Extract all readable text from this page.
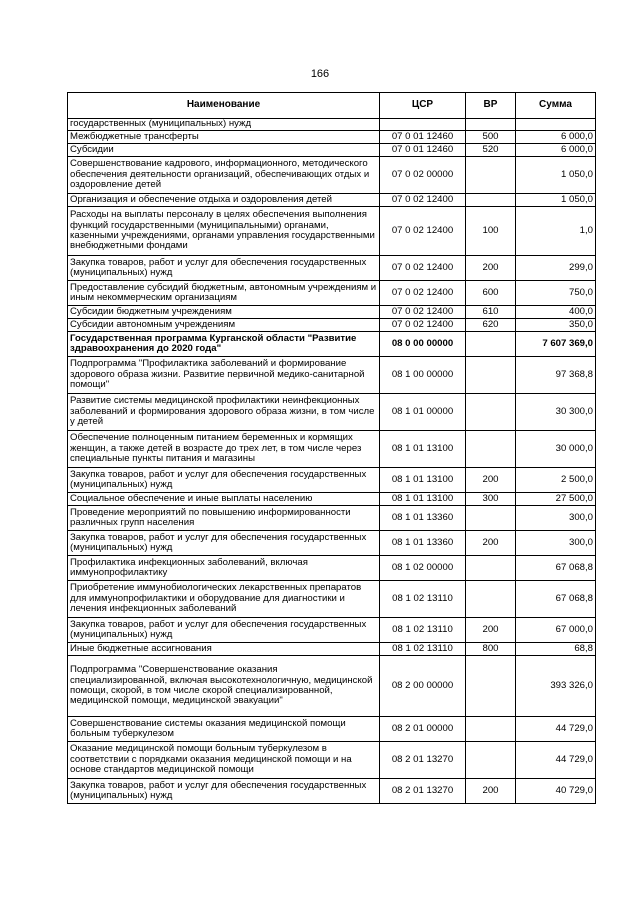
166
Наименование	ЦСР	ВР	Сумма
государственных (муниципальных) нужд			
Межбюджетные трансферты	07 0 01 12460	500	6 000,0
Субсидии	07 0 01 12460	520	6 000,0
Совершенствование кадрового, информационного, методического обеспечения деятельности организаций, обеспечивающих отдых и оздоровление детей	07 0 02 00000		1 050,0
Организация и обеспечение отдыха и оздоровления детей	07 0 02 12400		1 050,0
Расходы на выплаты персоналу в целях обеспечения выполнения функций государственными (муниципальными) органами, казенными учреждениями, органами управления государственными внебюджетными фондами	07 0 02 12400	100	1,0
Закупка товаров, работ и услуг для обеспечения государственных (муниципальных) нужд	07 0 02 12400	200	299,0
Предоставление субсидий бюджетным, автономным учреждениям и иным некоммерческим организациям	07 0 02 12400	600	750,0
Субсидии бюджетным учреждениям	07 0 02 12400	610	400,0
Субсидии автономным учреждениям	07 0 02 12400	620	350,0
Государственная программа Курганской области "Развитие здравоохранения до 2020 года"	08 0 00 00000		7 607 369,0
Подпрограмма "Профилактика заболеваний и формирование здорового образа жизни. Развитие первичной медико-санитарной помощи"	08 1 00 00000		97 368,8
Развитие системы медицинской профилактики неинфекционных заболеваний и формирования здорового образа жизни, в том числе у детей	08 1 01 00000		30 300,0
Обеспечение полноценным питанием беременных и кормящих женщин, а также детей в возрасте до трех лет, в том числе через специальные пункты питания и магазины	08 1 01 13100		30 000,0
Закупка товаров, работ и услуг для обеспечения государственных (муниципальных) нужд	08 1 01 13100	200	2 500,0
Социальное обеспечение и иные выплаты населению	08 1 01 13100	300	27 500,0
Проведение мероприятий по повышению информированности различных групп населения	08 1 01 13360		300,0
Закупка товаров, работ и услуг для обеспечения государственных (муниципальных) нужд	08 1 01 13360	200	300,0
Профилактика инфекционных заболеваний, включая иммунопрофилактику	08 1 02 00000		67 068,8
Приобретение иммунобиологических лекарственных препаратов для иммунопрофилактики и оборудование для диагностики и лечения инфекционных заболеваний	08 1 02 13110		67 068,8
Закупка товаров, работ и услуг для обеспечения государственных (муниципальных) нужд	08 1 02 13110	200	67 000,0
Иные бюджетные ассигнования	08 1 02 13110	800	68,8
Подпрограмма "Совершенствование оказания специализированной, включая высокотехнологичную, медицинской помощи, скорой, в том числе скорой специализированной, медицинской помощи, медицинской эвакуации"	08 2 00 00000		393 326,0
Совершенствование системы оказания медицинской помощи больным туберкулезом	08 2 01 00000		44 729,0
Оказание медицинской помощи больным туберкулезом в соответствии с порядками оказания медицинской помощи и на основе стандартов медицинской помощи	08 2 01 13270		44 729,0
Закупка товаров, работ и услуг для обеспечения государственных (муниципальных) нужд	08 2 01 13270	200	40 729,0
